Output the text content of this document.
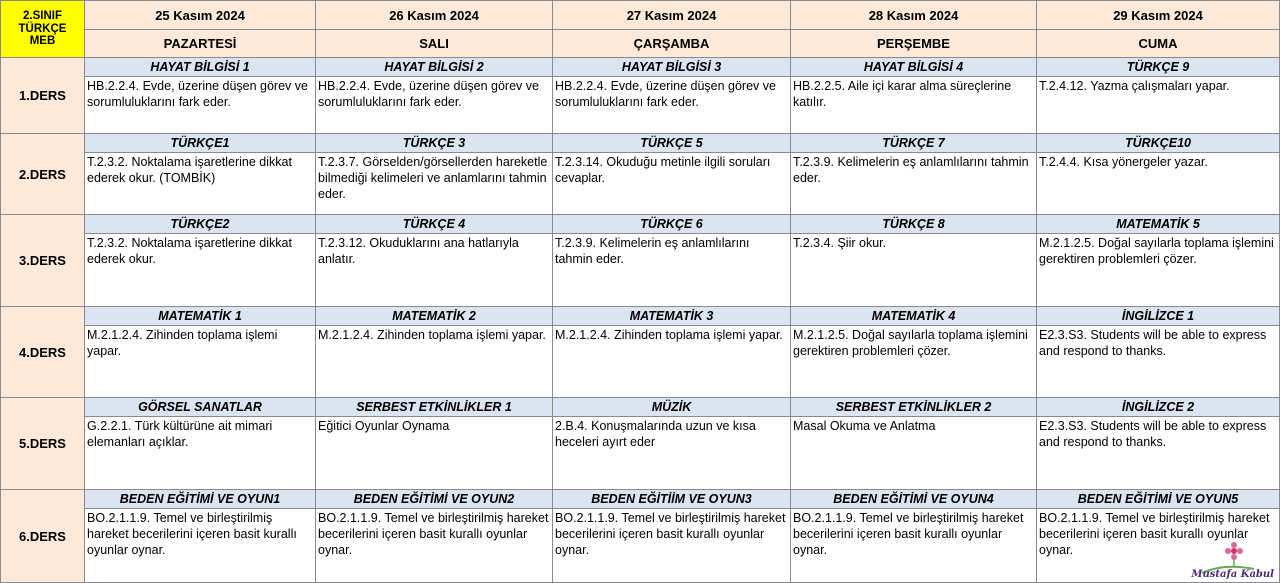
2.SINIF
TÜRKÇE
MEB	25 Kasım 2024	26 Kasım 2024	27 Kasım 2024	28 Kasım 2024	29 Kasım 2024
	PAZARTESİ	SALI	ÇARŞAMBA	PERŞEMBE	CUMA
1.DERS	HAYAT BİLGİSİ 1	HAYAT BİLGİSİ 2	HAYAT BİLGİSİ 3	HAYAT BİLGİSİ 4	TÜRKÇE 9

	HB.2.2.4. Evde, üzerine düşen görev ve sorumluluklarını fark eder.	HB.2.2.4. Evde, üzerine düşen görev ve sorumluluklarını fark eder.	HB.2.2.4. Evde, üzerine düşen görev ve sorumluluklarını fark eder.	HB.2.2.5. Aile içi karar alma süreçlerine katılır.	T.2.4.12. Yazma çalışmaları yapar.

2.DERS	TÜRKÇE1	TÜRKÇE 3	TÜRKÇE 5	TÜRKÇE 7	TÜRKÇE10

	T.2.3.2. Noktalama işaretlerine dikkat ederek okur. (TOMBİK)	T.2.3.7. Görselden/görsellerden hareketle bilmediği kelimeleri ve anlamlarını tahmin eder.	T.2.3.14. Okuduğu metinle ilgili soruları cevaplar.	T.2.3.9. Kelimelerin eş anlamlılarını tahmin eder.	T.2.4.4. Kısa yönergeler yazar.

3.DERS	TÜRKÇE2	TÜRKÇE 4	TÜRKÇE 6	TÜRKÇE 8	MATEMATİK 5

	T.2.3.2. Noktalama işaretlerine dikkat ederek okur.	T.2.3.12. Okuduklarını ana hatlarıyla anlatır.	T.2.3.9. Kelimelerin eş anlamlılarını tahmin eder.	T.2.3.4. Şiir okur.	M.2.1.2.5. Doğal sayılarla toplama işlemini gerektiren problemleri çözer.

4.DERS	MATEMATİK 1	MATEMATİK 2	MATEMATİK 3	MATEMATİK 4	İNGİLİZCE 1

	M.2.1.2.4. Zihinden toplama işlemi yapar.	M.2.1.2.4. Zihinden toplama işlemi yapar.	M.2.1.2.4. Zihinden toplama işlemi yapar.	M.2.1.2.5. Doğal sayılarla toplama işlemini gerektiren problemleri çözer.	E2.3.S3. Students will be able to express and respond to thanks.

5.DERS	GÖRSEL SANATLAR	SERBEST ETKİNLİKLER 1	MÜZİK	SERBEST ETKİNLİKLER 2	İNGİLİZCE 2

	G.2.2.1. Türk kültürüne ait mimari elemanları açıklar.	Eğitici Oyunlar Oynama	2.B.4. Konuşmalarında uzun ve kısa heceleri ayırt eder	Masal Okuma ve Anlatma	E2.3.S3. Students will be able to express and respond to thanks.

6.DERS	BEDEN EĞİTİMİ VE OYUN1	BEDEN EĞİTİMİ VE OYUN2	BEDEN EĞİTİİM VE OYUN3	BEDEN EĞİTİMİ VE OYUN4	BEDEN EĞİTİMİ VE OYUN5

	BO.2.1.1.9. Temel ve birleştirilmiş hareket becerilerini içeren basit kurallı oyunlar oynar.	BO.2.1.1.9. Temel ve birleştirilmiş hareket becerilerini içeren basit kurallı oyunlar oynar.	BO.2.1.1.9. Temel ve birleştirilmiş hareket becerilerini içeren basit kurallı oyunlar oynar.	BO.2.1.1.9. Temel ve birleştirilmiş hareket becerilerini içeren basit kurallı oyunlar oynar.	BO.2.1.1.9. Temel ve birleştirilmiş hareket becerilerini içeren basit kurallı oyunlar oynar.
Mustafa Kabul
